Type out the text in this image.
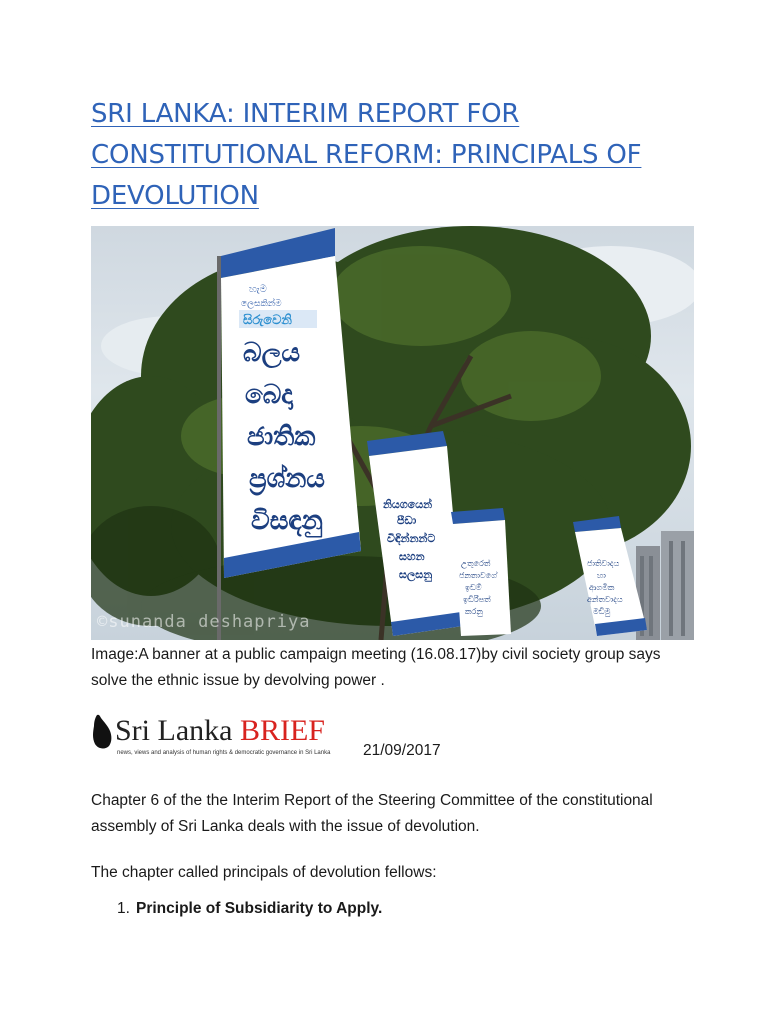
SRI LANKA: INTERIM REPORT FOR CONSTITUTIONAL REFORM: PRINCIPALS OF DEVOLUTION
හැම
ලෙසකින්ම
සිරුවෙනි
නියගයෙන්
පීඩා
විඳින්නන්ට
සහන
සලසනු
උතුරෙත්
ජනතාවගේ
ඉඩම්
ඉඩිරිපත්
කරනු
ජාතිවාදය
හා
ආගමික
අන්තවාදය
මඩිමු
බලය
බෙදා
ජාතික
ප්‍රශ්නය
විසඳනු
©sunanda deshapriya
Image:A banner at a public campaign meeting (16.08.17)by civil society group says solve the ethnic issue by devolving power .
Sri Lanka BRIEF
news, views and analysis of human rights & democratic governance in Sri Lanka 21/09/2017

Chapter 6 of the the Interim Report of the Steering Committee of the constitutional assembly of Sri Lanka deals with the issue of devolution.

The chapter called principals of devolution fellows:

1. Principle of Subsidiarity to Apply.
